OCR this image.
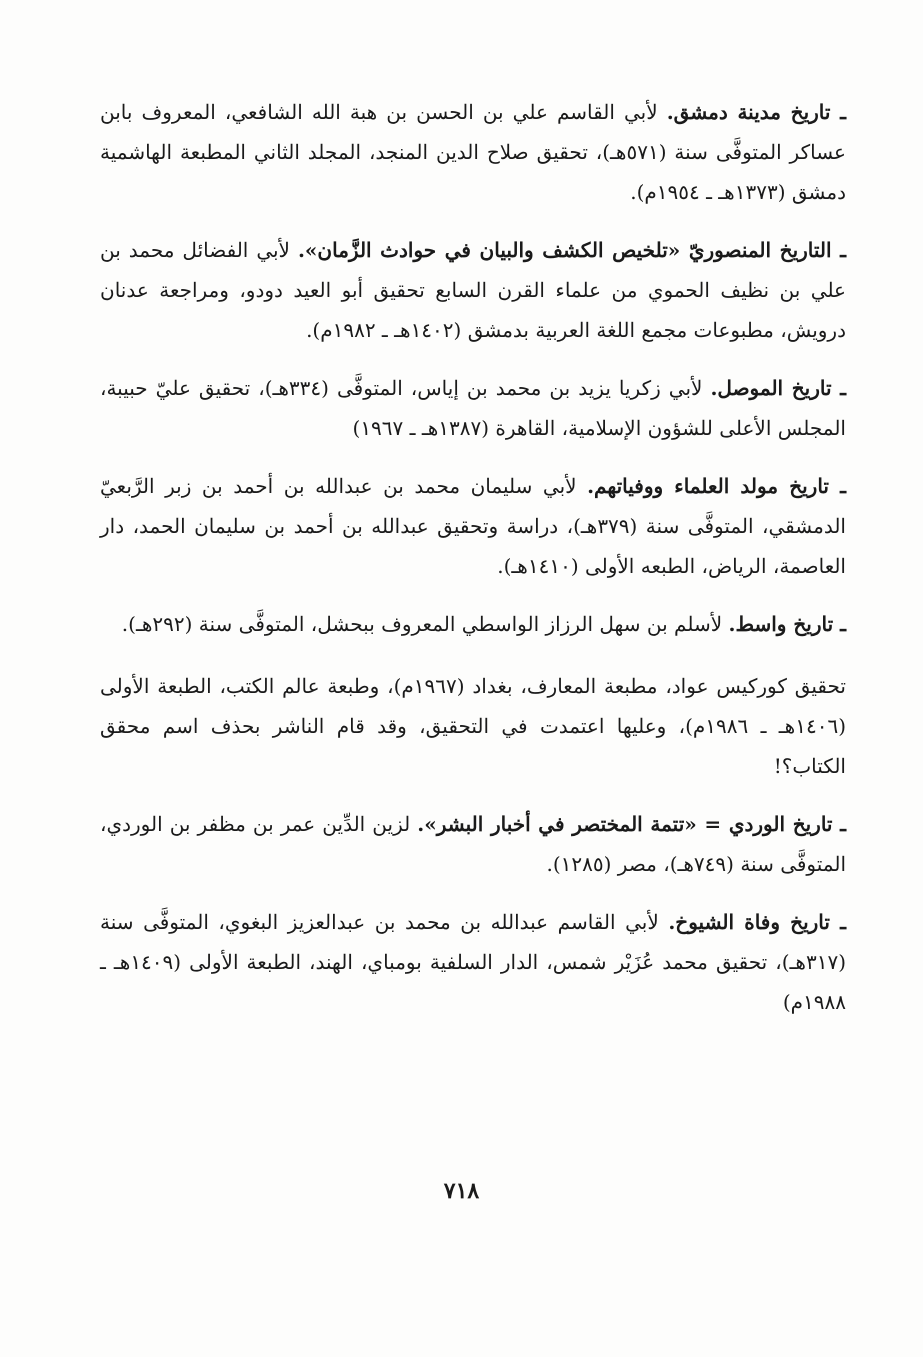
ـ تاريخ مدينة دمشق. لأبي القاسم علي بن الحسن بن هبة الله الشافعي، المعروف بابن عساكر المتوفَّى سنة (٥٧١هـ)، تحقيق صلاح الدين المنجد، المجلد الثاني المطبعة الهاشمية دمشق (١٣٧٣هـ ـ ١٩٥٤م).

ـ التاريخ المنصوريّ «تلخيص الكشف والبيان في حوادث الزَّمان». لأبي الفضائل محمد بن علي بن نظيف الحموي من علماء القرن السابع تحقيق أبو العيد دودو، ومراجعة عدنان درويش، مطبوعات مجمع اللغة العربية بدمشق (١٤٠٢هـ ـ ١٩٨٢م).

ـ تاريخ الموصل. لأبي زكريا يزيد بن محمد بن إياس، المتوفَّى (٣٣٤هـ)، تحقيق عليّ حبيبة، المجلس الأعلى للشؤون الإسلامية، القاهرة (١٣٨٧هـ ـ ١٩٦٧)

ـ تاريخ مولد العلماء ووفياتهم. لأبي سليمان محمد بن عبدالله بن أحمد بن زبر الرَّبعيّ الدمشقي، المتوفَّى سنة (٣٧٩هـ)، دراسة وتحقيق عبدالله بن أحمد بن سليمان الحمد، دار العاصمة، الرياض، الطبعه الأولى (١٤١٠هـ).

ـ تاريخ واسط. لأسلم بن سهل الرزاز الواسطي المعروف ببحشل، المتوفَّى سنة (٢٩٢هـ).

تحقيق كوركيس عواد، مطبعة المعارف، بغداد (١٩٦٧م)، وطبعة عالم الكتب، الطبعة الأولى (١٤٠٦هـ ـ ١٩٨٦م)، وعليها اعتمدت في التحقيق، وقد قام الناشر بحذف اسم محقق الكتاب؟!

ـ تاريخ الوردي = «تتمة المختصر في أخبار البشر». لزين الدِّين عمر بن مظفر بن الوردي، المتوفَّى سنة (٧٤٩هـ)، مصر (١٢٨٥).

ـ تاريخ وفاة الشيوخ. لأبي القاسم عبدالله بن محمد بن عبدالعزيز البغوي، المتوفَّى سنة (٣١٧هـ)، تحقيق محمد عُزَيْر شمس، الدار السلفية بومباي، الهند، الطبعة الأولى (١٤٠٩هـ ـ ١٩٨٨م)

٧١٨
